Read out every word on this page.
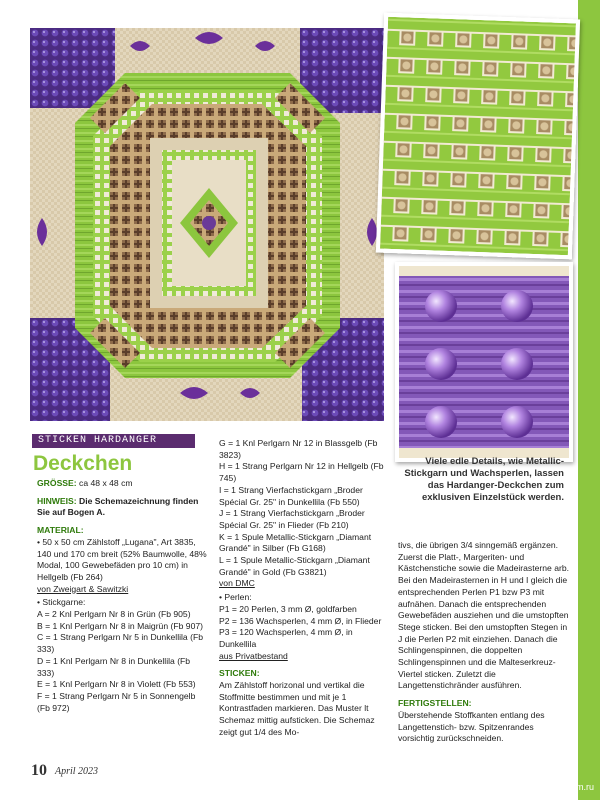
Viele edle Details, wie Metallic-Stickgarn und Wachsperlen, lassen das Hardanger-Deckchen zum exklusiven Einzelstück werden.
STICKEN HARDANGER
Deckchen

GRÖSSE: ca 48 x 48 cm

HINWEIS: Die Schemazeichnung finden Sie auf Bogen A.

MATERIAL:

• 50 x 50 cm Zählstoff „Lugana", Art 3835, 140 und 170 cm breit (52% Baumwolle, 48% Modal, 100 Gewebefäden pro 10 cm) in Hellgelb (Fb 264)

von Zweigart & Sawitzki

• Stickgarne:

A = 2 Knl Perlgarn Nr 8 in Grün (Fb 905)

B = 1 Knl Perlgarn Nr 8 in Maigrün (Fb 907)

C = 1 Strang Perlgarn Nr 5 in Dunkellila (Fb 333)

D = 1 Knl Perlgarn Nr 8 in Dunkellila (Fb 333)

E = 1 Knl Perlgarn Nr 8 in Violett (Fb 553)

F = 1 Strang Perlgarn Nr 5 in Sonnengelb (Fb 972)

G = 1 Knl Perlgarn Nr 12 in Blassgelb (Fb 3823)

H = 1 Strang Perlgarn Nr 12 in Hellgelb (Fb 745)

I = 1 Strang Vierfachstickgarn „Broder Spécial Gr. 25" in Dunkellila (Fb 550)

J = 1 Strang Vierfachstickgarn „Broder Spécial Gr. 25" in Flieder (Fb 210)

K = 1 Spule Metallic-Stickgarn „Diamant Grandé" in Silber (Fb G168)

L = 1 Spule Metallic-Stickgarn „Diamant Grandé" in Gold (Fb G3821)

von DMC

• Perlen:

P1 = 20 Perlen, 3 mm Ø, goldfarben

P2 = 136 Wachsperlen, 4 mm Ø, in Flieder

P3 = 120 Wachsperlen, 4 mm Ø, in Dunkellila

aus Privatbestand

STICKEN:

Am Zählstoff horizonal und vertikal die Stoffmitte bestimmen und mit je 1 Kontrastfaden markieren. Das Muster lt Schemaz mittig aufsticken. Die Schemaz zeigt gut 1/4 des Mo-

tivs, die übrigen 3/4 sinngemäß ergänzen. Zuerst die Platt-, Margeriten- und Kästchenstiche sowie die Madeirasterne arb. Bei den Madeirasternen in H und I gleich die entsprechenden Perlen P1 bzw P3 mit aufnähen. Danach die entsprechenden Gewebefäden ausziehen und die umstopften Stege sticken. Bei den umstopften Stegen in J die Perlen P2 mit einziehen. Danach die Schlingenspinnen, die doppelten Schlingenspinnen und die Malteserkreuz-Viertel sticken. Zuletzt die Langettenstichränder ausführen.

FERTIGSTELLEN:

Überstehende Stoffkanten entlang des Langettenstich- bzw. Spitzenrandes vorsichtig zurückschneiden.

10 April 2023
PassionForum.ru
